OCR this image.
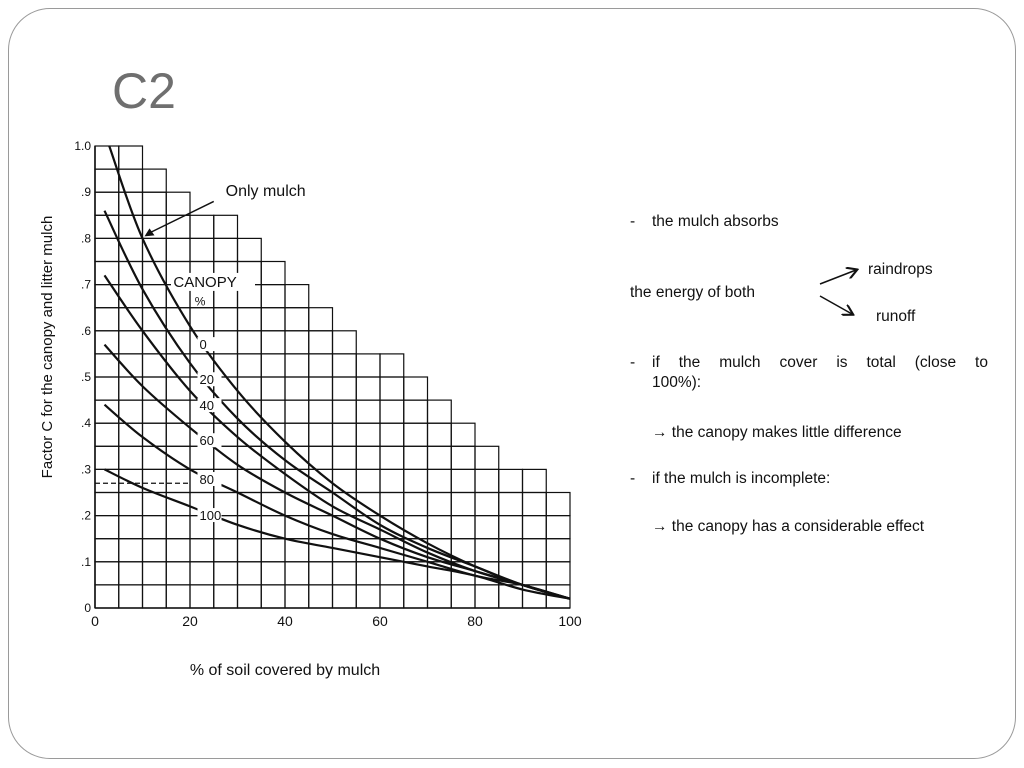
C2
0
.1
.2
.3
.4
.5
.6
.7
.8
.9
1.0
0	20	40	60	80	100
% of soil covered by mulch
Factor C for the canopy and litter mulch	0
20
40
60
80
100
Only mulch
CANOPY
%
- the mulch absorbs
the energy of both
raindrops
runoff
-	if the mulch cover is total (close to
100%):
→ the canopy makes little difference
- if the mulch is incomplete:
→ the canopy has a considerable effect
